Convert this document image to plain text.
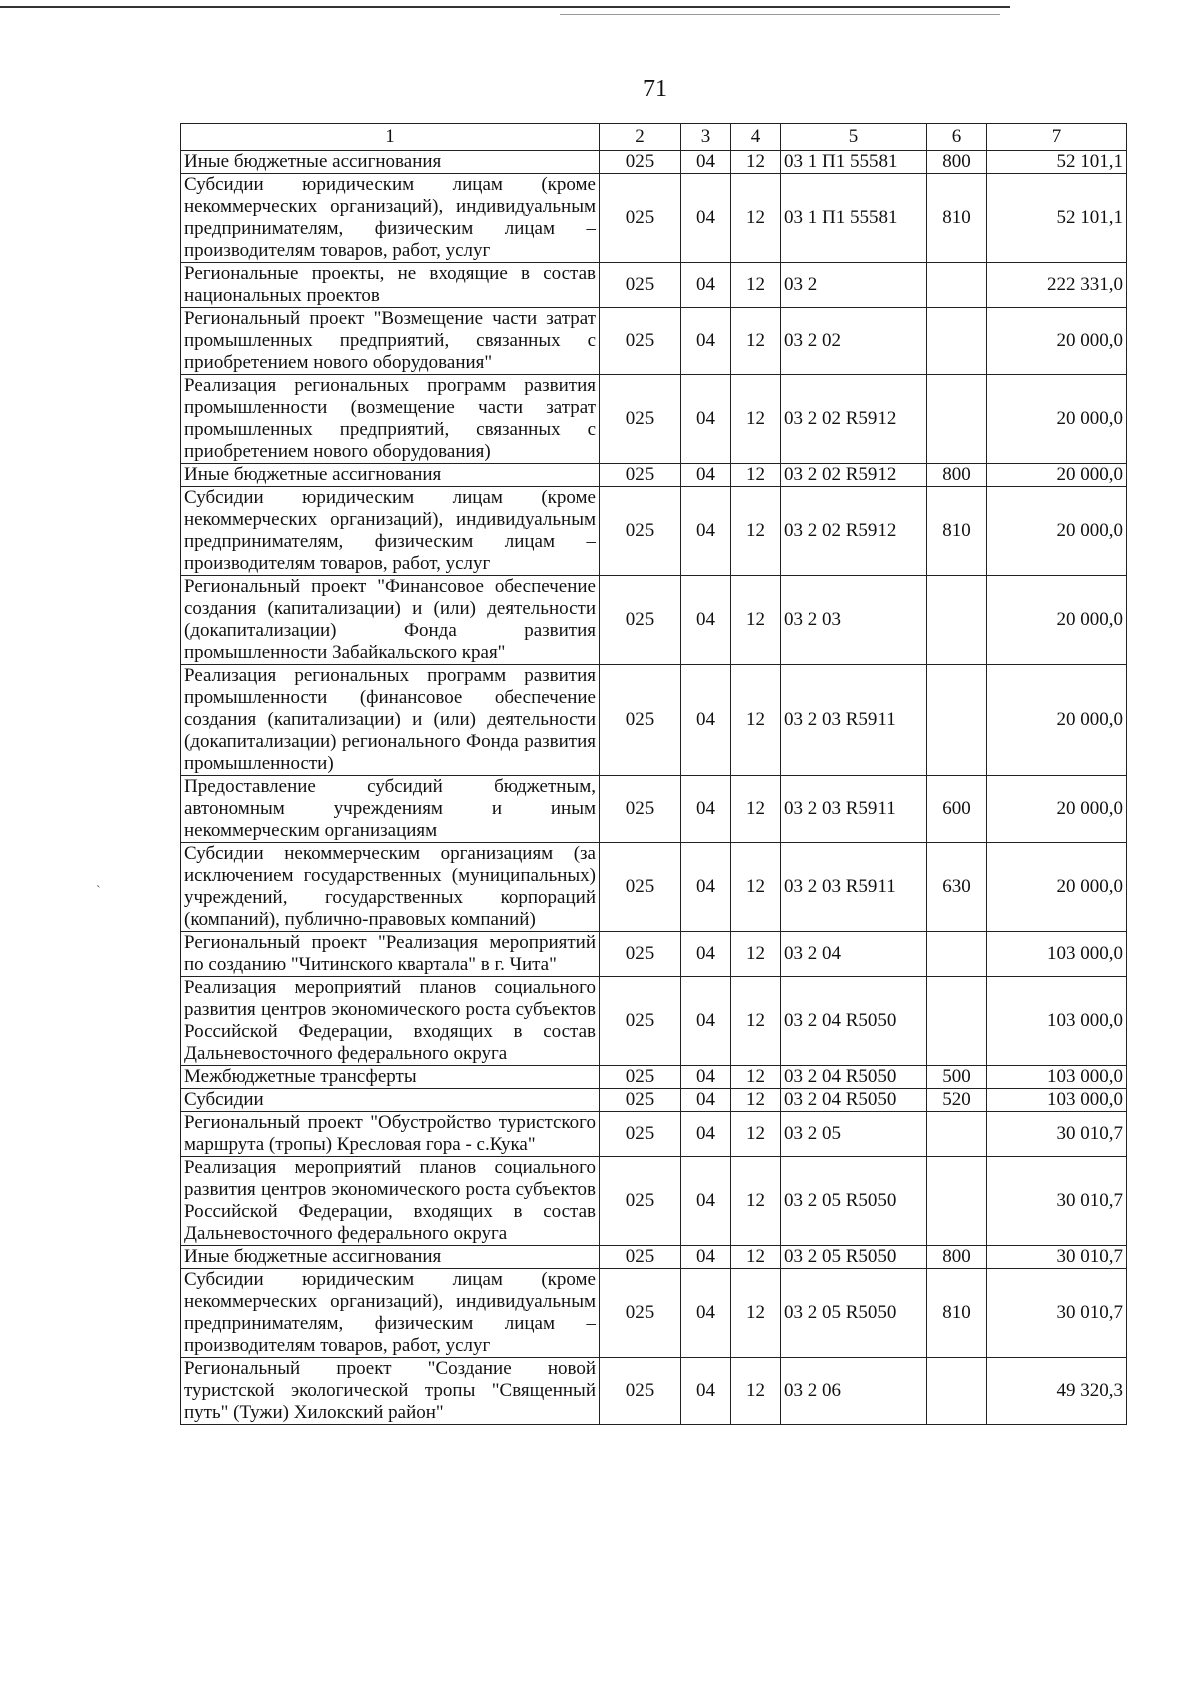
ˋ
71
1	2	3	4	5	6	7
Иные бюджетные ассигнования	025	04	12	03 1 П1 55581	800	52 101,1
Субсидии юридическим лицам (кроме некоммерческих организаций), индивидуальным предпринимателям, физическим лицам – производителям товаров, работ, услуг	025	04	12	03 1 П1 55581	810	52 101,1
Региональные проекты, не входящие в состав национальных проектов	025	04	12	03 2		222 331,0
Региональный проект "Возмещение части затрат промышленных предприятий, связанных с приобретением нового оборудования"	025	04	12	03 2 02		20 000,0
Реализация региональных программ развития промышленности (возмещение части затрат промышленных предприятий, связанных с приобретением нового оборудования)	025	04	12	03 2 02 R5912		20 000,0
Иные бюджетные ассигнования	025	04	12	03 2 02 R5912	800	20 000,0
Субсидии юридическим лицам (кроме некоммерческих организаций), индивидуальным предпринимателям, физическим лицам – производителям товаров, работ, услуг	025	04	12	03 2 02 R5912	810	20 000,0
Региональный проект "Финансовое обеспечение создания (капитализации) и (или) деятельности (докапитализации) Фонда развития промышленности Забайкальского края"	025	04	12	03 2 03		20 000,0
Реализация региональных программ развития промышленности (финансовое обеспечение создания (капитализации) и (или) деятельности (докапитализации) регионального Фонда развития промышленности)	025	04	12	03 2 03 R5911		20 000,0
Предоставление субсидий бюджетным, автономным учреждениям и иным некоммерческим организациям	025	04	12	03 2 03 R5911	600	20 000,0
Субсидии некоммерческим организациям (за исключением государственных (муниципальных) учреждений, государственных корпораций (компаний), публично-правовых компаний)	025	04	12	03 2 03 R5911	630	20 000,0
Региональный проект "Реализация мероприятий по созданию "Читинского квартала" в г. Чита"	025	04	12	03 2 04		103 000,0
Реализация мероприятий планов социального развития центров экономического роста субъектов Российской Федерации, входящих в состав Дальневосточного федерального округа	025	04	12	03 2 04 R5050		103 000,0
Межбюджетные трансферты	025	04	12	03 2 04 R5050	500	103 000,0
Субсидии	025	04	12	03 2 04 R5050	520	103 000,0
Региональный проект "Обустройство туристского маршрута (тропы) Кресловая гора - с.Кука"	025	04	12	03 2 05		30 010,7
Реализация мероприятий планов социального развития центров экономического роста субъектов Российской Федерации, входящих в состав Дальневосточного федерального округа	025	04	12	03 2 05 R5050		30 010,7
Иные бюджетные ассигнования	025	04	12	03 2 05 R5050	800	30 010,7
Субсидии юридическим лицам (кроме некоммерческих организаций), индивидуальным предпринимателям, физическим лицам – производителям товаров, работ, услуг	025	04	12	03 2 05 R5050	810	30 010,7
Региональный проект "Создание новой туристской экологической тропы "Священный путь" (Тужи) Хилокский район"	025	04	12	03 2 06		49 320,3
